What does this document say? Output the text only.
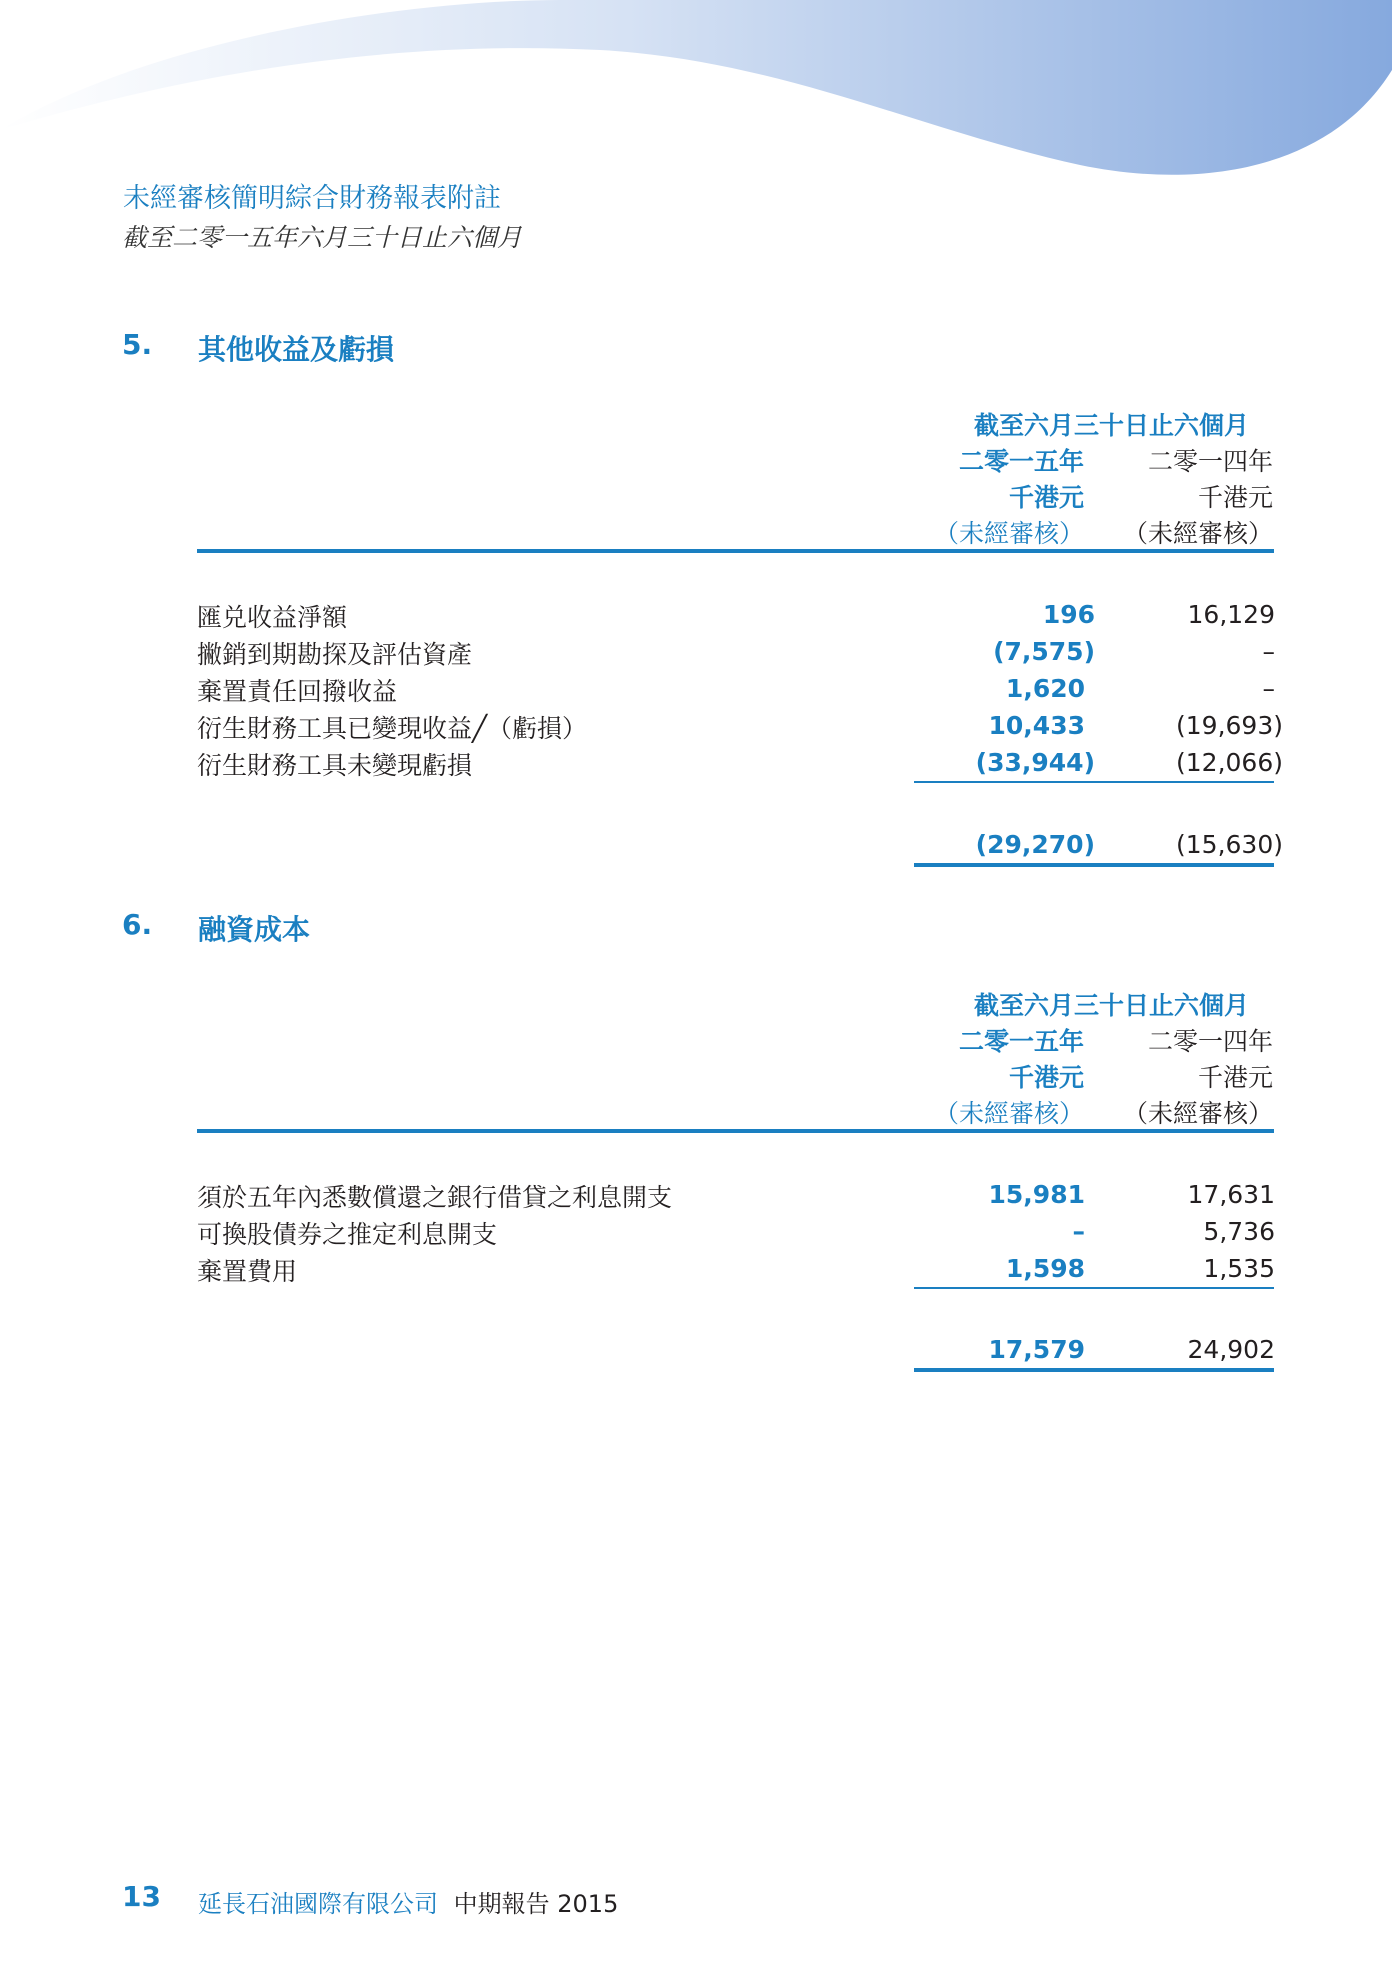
未經審核簡明綜合財務報表附註
截至二零一五年六月三十日止六個月
5. 其他收益及虧損
截至六月三十日止六個月
二零一五年	二零一四年
千港元	千港元
（未經審核） （未經審核）
匯兑收益淨額	196	16,129
撇銷到期勘探及評估資產	(7,575)	–
棄置責任回撥收益	1,620	–
衍生財務工具已變現收益╱（虧損）	10,433	(19,693)
衍生財務工具未變現虧損	(33,944)	(12,066)
(29,270)	(15,630)
6. 融資成本
截至六月三十日止六個月
二零一五年	二零一四年
千港元	千港元
（未經審核） （未經審核）
須於五年內悉數償還之銀行借貸之利息開支	15,981	17,631
可換股債券之推定利息開支	–	5,736
棄置費用	1,598	1,535
17,579	24,902
13 延長石油國際有限公司 中期報告 2015
